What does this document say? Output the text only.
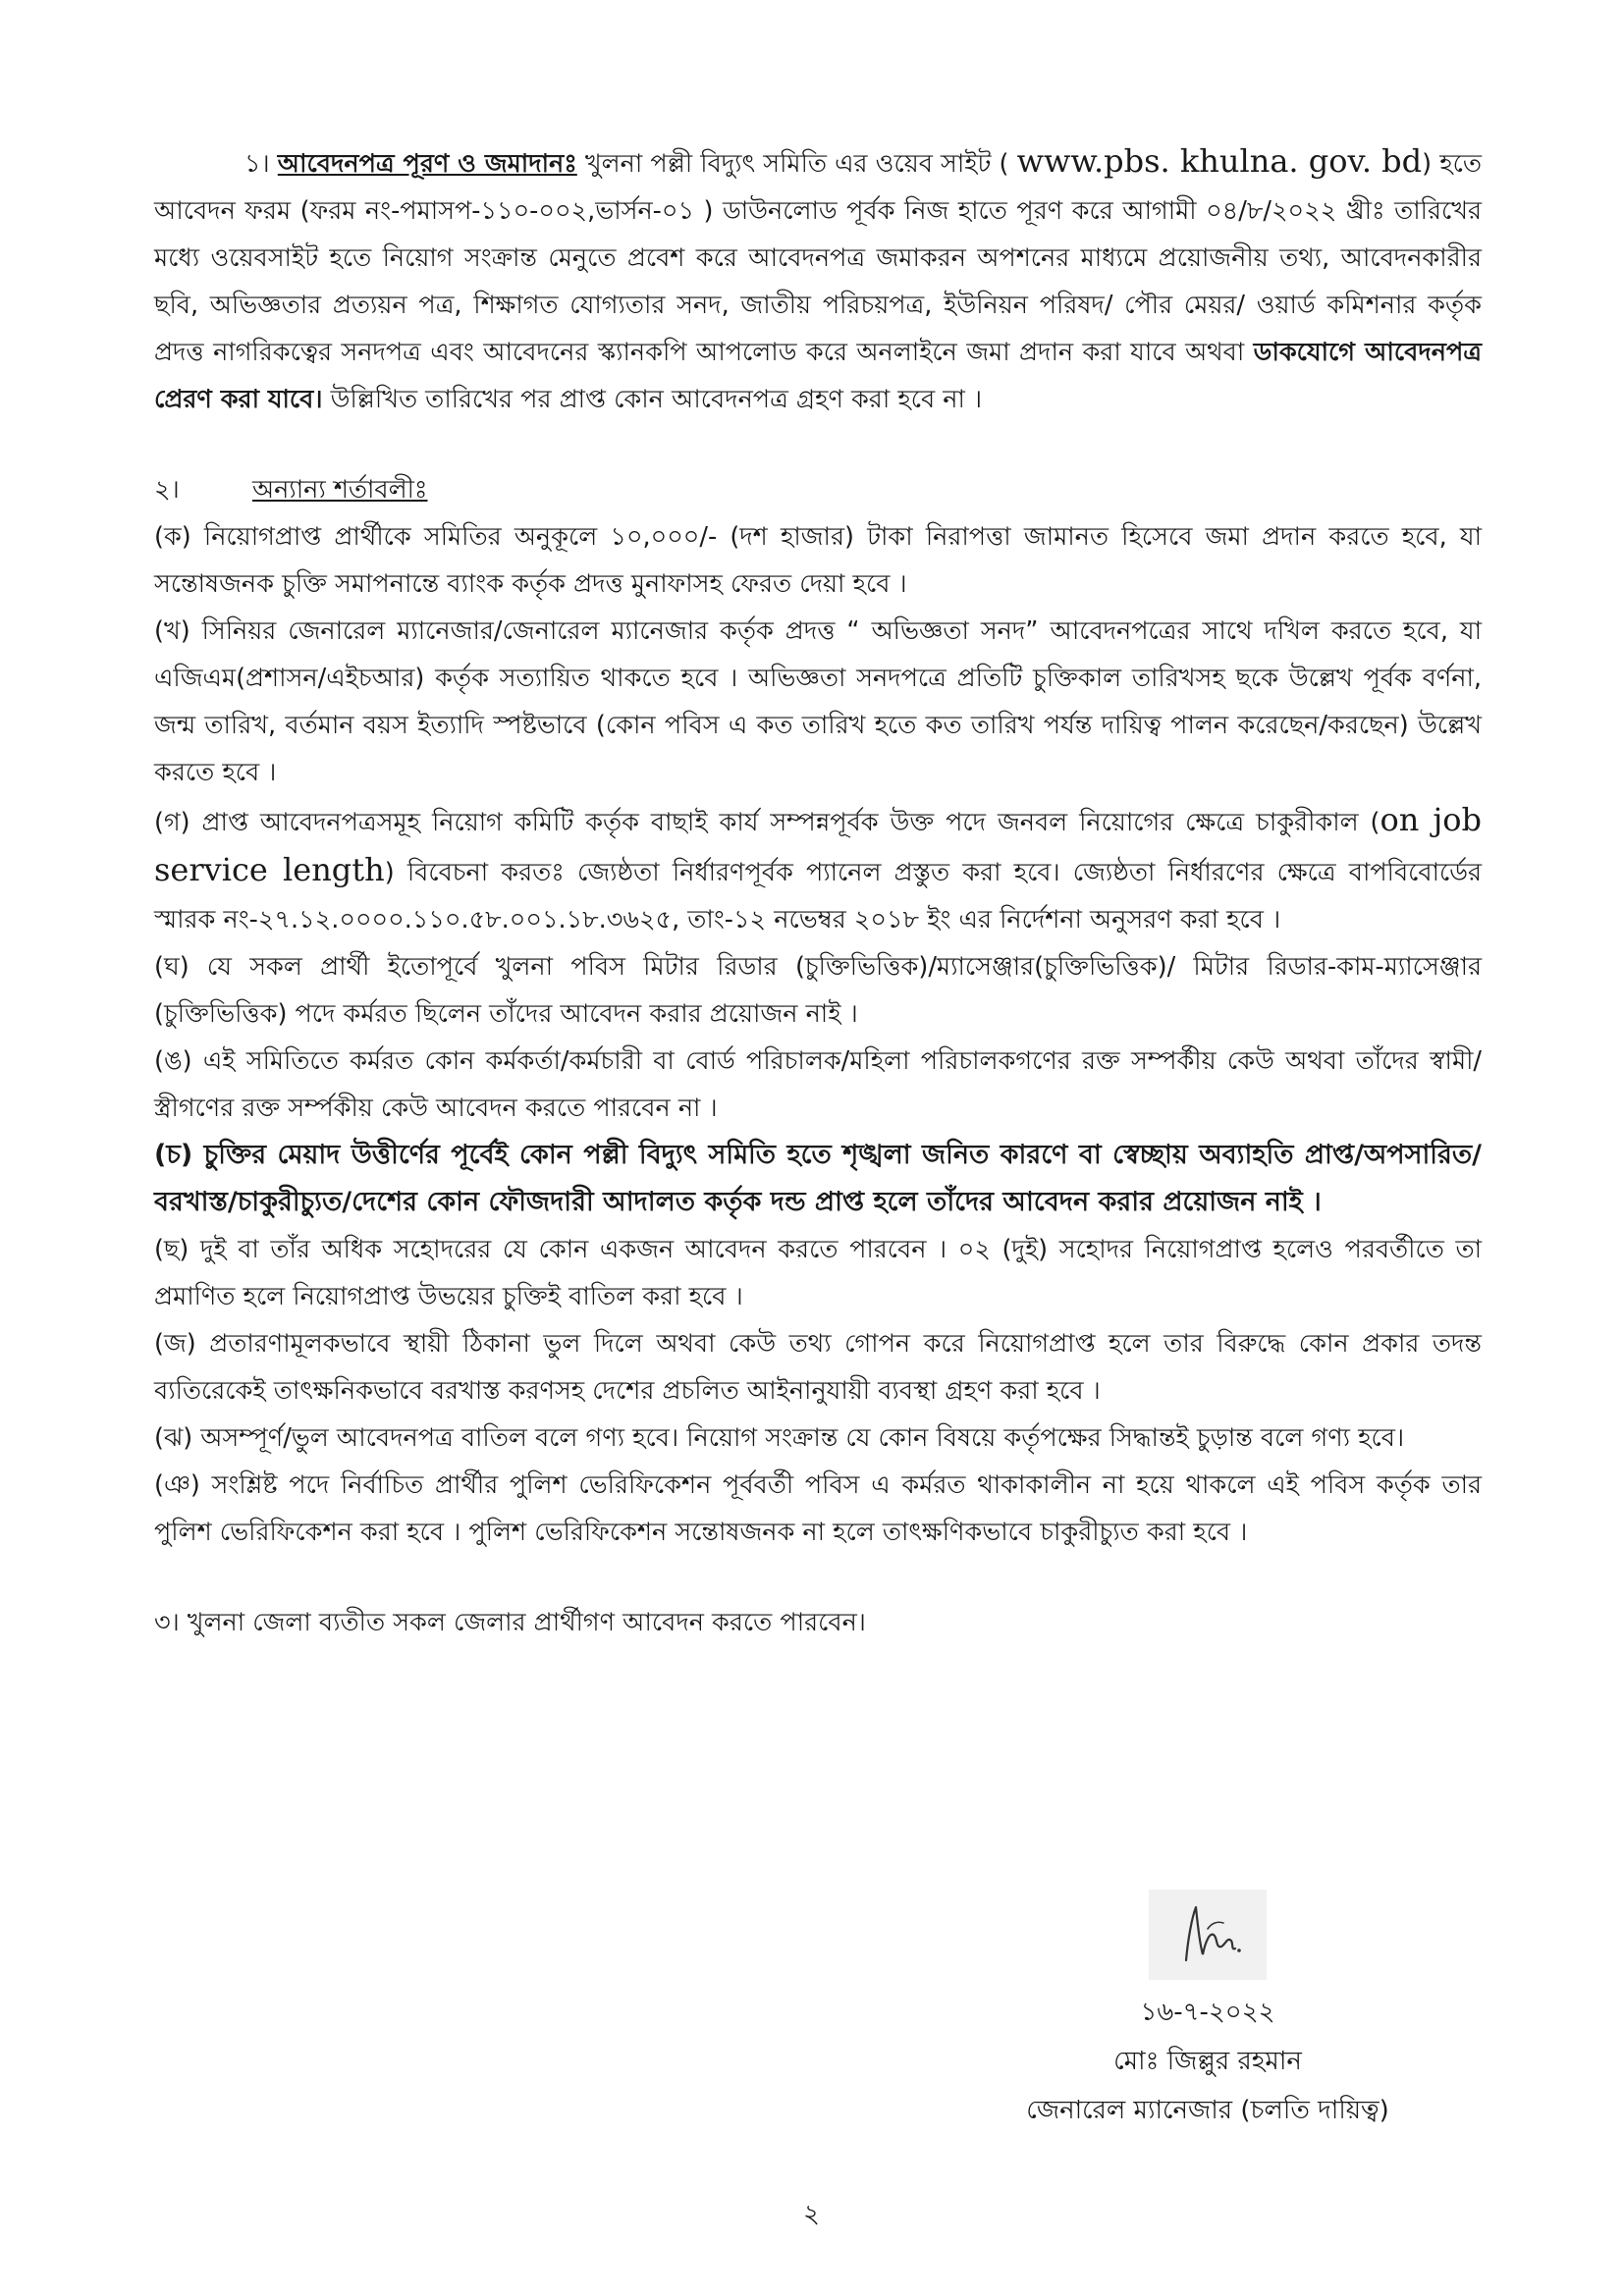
১। আবেদনপত্র পূরণ ও জমাদানঃ খুলনা পল্লী বিদ্যুৎ সমিতি এর ওয়েব সাইট ( www.pbs. khulna. gov. bd) হতে আবেদন ফরম (ফরম নং-পমাসপ-১১০-০০২,ভার্সন-০১ ) ডাউনলোড পূর্বক নিজ হাতে পূরণ করে আগামী ০৪/৮/২০২২ খ্রীঃ তারিখের মধ্যে ওয়েবসাইট হতে নিয়োগ সংক্রান্ত মেনুতে প্রবেশ করে আবেদনপত্র জমাকরন অপশনের মাধ্যমে প্রয়োজনীয় তথ্য, আবেদনকারীর ছবি, অভিজ্ঞতার প্রত্যয়ন পত্র, শিক্ষাগত যোগ্যতার সনদ, জাতীয় পরিচয়পত্র, ইউনিয়ন পরিষদ/ পৌর মেয়র/ ওয়ার্ড কমিশনার কর্তৃক প্রদত্ত নাগরিকত্বের সনদপত্র এবং আবেদনের স্ক্যানকপি আপলোড করে অনলাইনে জমা প্রদান করা যাবে অথবা ডাকযোগে আবেদনপত্র প্রেরণ করা যাবে। উল্লিখিত তারিখের পর প্রাপ্ত কোন আবেদনপত্র গ্রহণ করা হবে না ।

২।	অন্যান্য শর্তাবলীঃ

(ক) নিয়োগপ্রাপ্ত প্রার্থীকে সমিতির অনুকূলে ১০,০০০/- (দশ হাজার) টাকা নিরাপত্তা জামানত হিসেবে জমা প্রদান করতে হবে, যা সন্তোষজনক চুক্তি সমাপনান্তে ব্যাংক কর্তৃক প্রদত্ত মুনাফাসহ ফেরত দেয়া হবে ।

(খ) সিনিয়র জেনারেল ম্যানেজার/জেনারেল ম্যানেজার কর্তৃক প্রদত্ত “ অভিজ্ঞতা সনদ” আবেদনপত্রের সাথে দখিল করতে হবে, যা এজিএম(প্রশাসন/এইচআর) কর্তৃক সত্যায়িত থাকতে হবে । অভিজ্ঞতা সনদপত্রে প্রতিটি চুক্তিকাল তারিখসহ ছকে উল্লেখ পূর্বক বর্ণনা, জন্ম তারিখ, বর্তমান বয়স ইত্যাদি স্পষ্টভাবে (কোন পবিস এ কত তারিখ হতে কত তারিখ পর্যন্ত দায়িত্ব পালন করেছেন/করছেন) উল্লেখ করতে হবে ।

(গ) প্রাপ্ত আবেদনপত্রসমূহ নিয়োগ কমিটি কর্তৃক বাছাই কার্য সম্পন্নপূর্বক উক্ত পদে জনবল নিয়োগের ক্ষেত্রে চাকুরীকাল (on job service length) বিবেচনা করতঃ জ্যেষ্ঠতা নির্ধারণপূর্বক প্যানেল প্রস্তুত করা হবে। জ্যেষ্ঠতা নির্ধারণের ক্ষেত্রে বাপবিবোর্ডের স্মারক নং-২৭.১২.০০০০.১১০.৫৮.০০১.১৮.৩৬২৫, তাং-১২ নভেম্বর ২০১৮ ইং এর নির্দেশনা অনুসরণ করা হবে ।

(ঘ) যে সকল প্রার্থী ইতোপূর্বে খুলনা পবিস মিটার রিডার (চুক্তিভিত্তিক)/ম্যাসেঞ্জার(চুক্তিভিত্তিক)/ মিটার রিডার-কাম-ম্যাসেঞ্জার (চুক্তিভিত্তিক) পদে কর্মরত ছিলেন তাঁদের আবেদন করার প্রয়োজন নাই ।

(ঙ) এই সমিতিতে কর্মরত কোন কর্মকর্তা/কর্মচারী বা বোর্ড পরিচালক/মহিলা পরিচালকগণের রক্ত সম্পর্কীয় কেউ অথবা তাঁদের স্বামী/স্ত্রীগণের রক্ত সর্ম্পকীয় কেউ আবেদন করতে পারবেন না ।

(চ) চুক্তির মেয়াদ উত্তীর্ণের পূর্বেই কোন পল্লী বিদ্যুৎ সমিতি হতে শৃঙ্খলা জনিত কারণে বা স্বেচ্ছায় অব্যাহতি প্রাপ্ত/অপসারিত/বরখাস্ত/চাকুরীচ্যুত/দেশের কোন ফৌজদারী আদালত কর্তৃক দন্ড প্রাপ্ত হলে তাঁদের আবেদন করার প্রয়োজন নাই ।

(ছ) দুই বা তাঁর অধিক সহোদরের যে কোন একজন আবেদন করতে পারবেন । ০২ (দুই) সহোদর নিয়োগপ্রাপ্ত হলেও পরবর্তীতে তা প্রমাণিত হলে নিয়োগপ্রাপ্ত উভয়ের চুক্তিই বাতিল করা হবে ।

(জ) প্রতারণামূলকভাবে স্থায়ী ঠিকানা ভুল দিলে অথবা কেউ তথ্য গোপন করে নিয়োগপ্রাপ্ত হলে তার বিরুদ্ধে কোন প্রকার তদন্ত ব্যতিরেকেই তাৎক্ষনিকভাবে বরখাস্ত করণসহ দেশের প্রচলিত আইনানুযায়ী ব্যবস্থা গ্রহণ করা হবে ।

(ঝ) অসম্পূর্ণ/ভুল আবেদনপত্র বাতিল বলে গণ্য হবে। নিয়োগ সংক্রান্ত যে কোন বিষয়ে কর্তৃপক্ষের সিদ্ধান্তই চুড়ান্ত বলে গণ্য হবে।

(ঞ) সংশ্লিষ্ট পদে নির্বাচিত প্রার্থীর পুলিশ ভেরিফিকেশন পূর্ববর্তী পবিস এ কর্মরত থাকাকালীন না হয়ে থাকলে এই পবিস কর্তৃক তার পুলিশ ভেরিফিকেশন করা হবে । পুলিশ ভেরিফিকেশন সন্তোষজনক না হলে তাৎক্ষণিকভাবে চাকুরীচ্যুত করা হবে ।

৩। খুলনা জেলা ব্যতীত সকল জেলার প্রার্থীগণ আবেদন করতে পারবেন।

১৬-৭-২০২২
মোঃ জিল্লুর রহমান
জেনারেল ম্যানেজার (চলতি দায়িত্ব)
২
